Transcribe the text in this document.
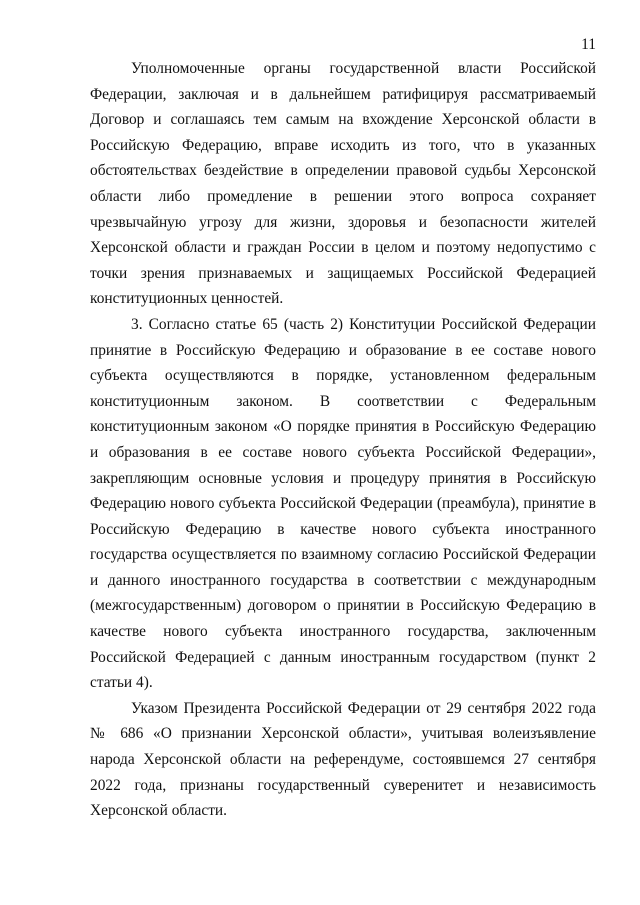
11

Уполномоченные органы государственной власти Российской Федерации, заключая и в дальнейшем ратифицируя рассматриваемый Договор и соглашаясь тем самым на вхождение Херсонской области в Российскую Федерацию, вправе исходить из того, что в указанных обстоятельствах бездействие в определении правовой судьбы Херсонской области либо промедление в решении этого вопроса сохраняет чрезвычайную угрозу для жизни, здоровья и безопасности жителей Херсонской области и граждан России в целом и поэтому недопустимо с точки зрения признаваемых и защищаемых Российской Федерацией конституционных ценностей.

3. Согласно статье 65 (часть 2) Конституции Российской Федерации принятие в Российскую Федерацию и образование в ее составе нового субъекта осуществляются в порядке, установленном федеральным конституционным законом. В соответствии с Федеральным конституционным законом «О порядке принятия в Российскую Федерацию и образования в ее составе нового субъекта Российской Федерации», закрепляющим основные условия и процедуру принятия в Российскую Федерацию нового субъекта Российской Федерации (преамбула), принятие в Российскую Федерацию в качестве нового субъекта иностранного государства осуществляется по взаимному согласию Российской Федерации и данного иностранного государства в соответствии с международным (межгосударственным) договором о принятии в Российскую Федерацию в качестве нового субъекта иностранного государства, заключенным Российской Федерацией с данным иностранным государством (пункт 2 статьи 4).

Указом Президента Российской Федерации от 29 сентября 2022 года № 686 «О признании Херсонской области», учитывая волеизъявление народа Херсонской области на референдуме, состоявшемся 27 сентября 2022 года, признаны государственный суверенитет и независимость Херсонской области.
